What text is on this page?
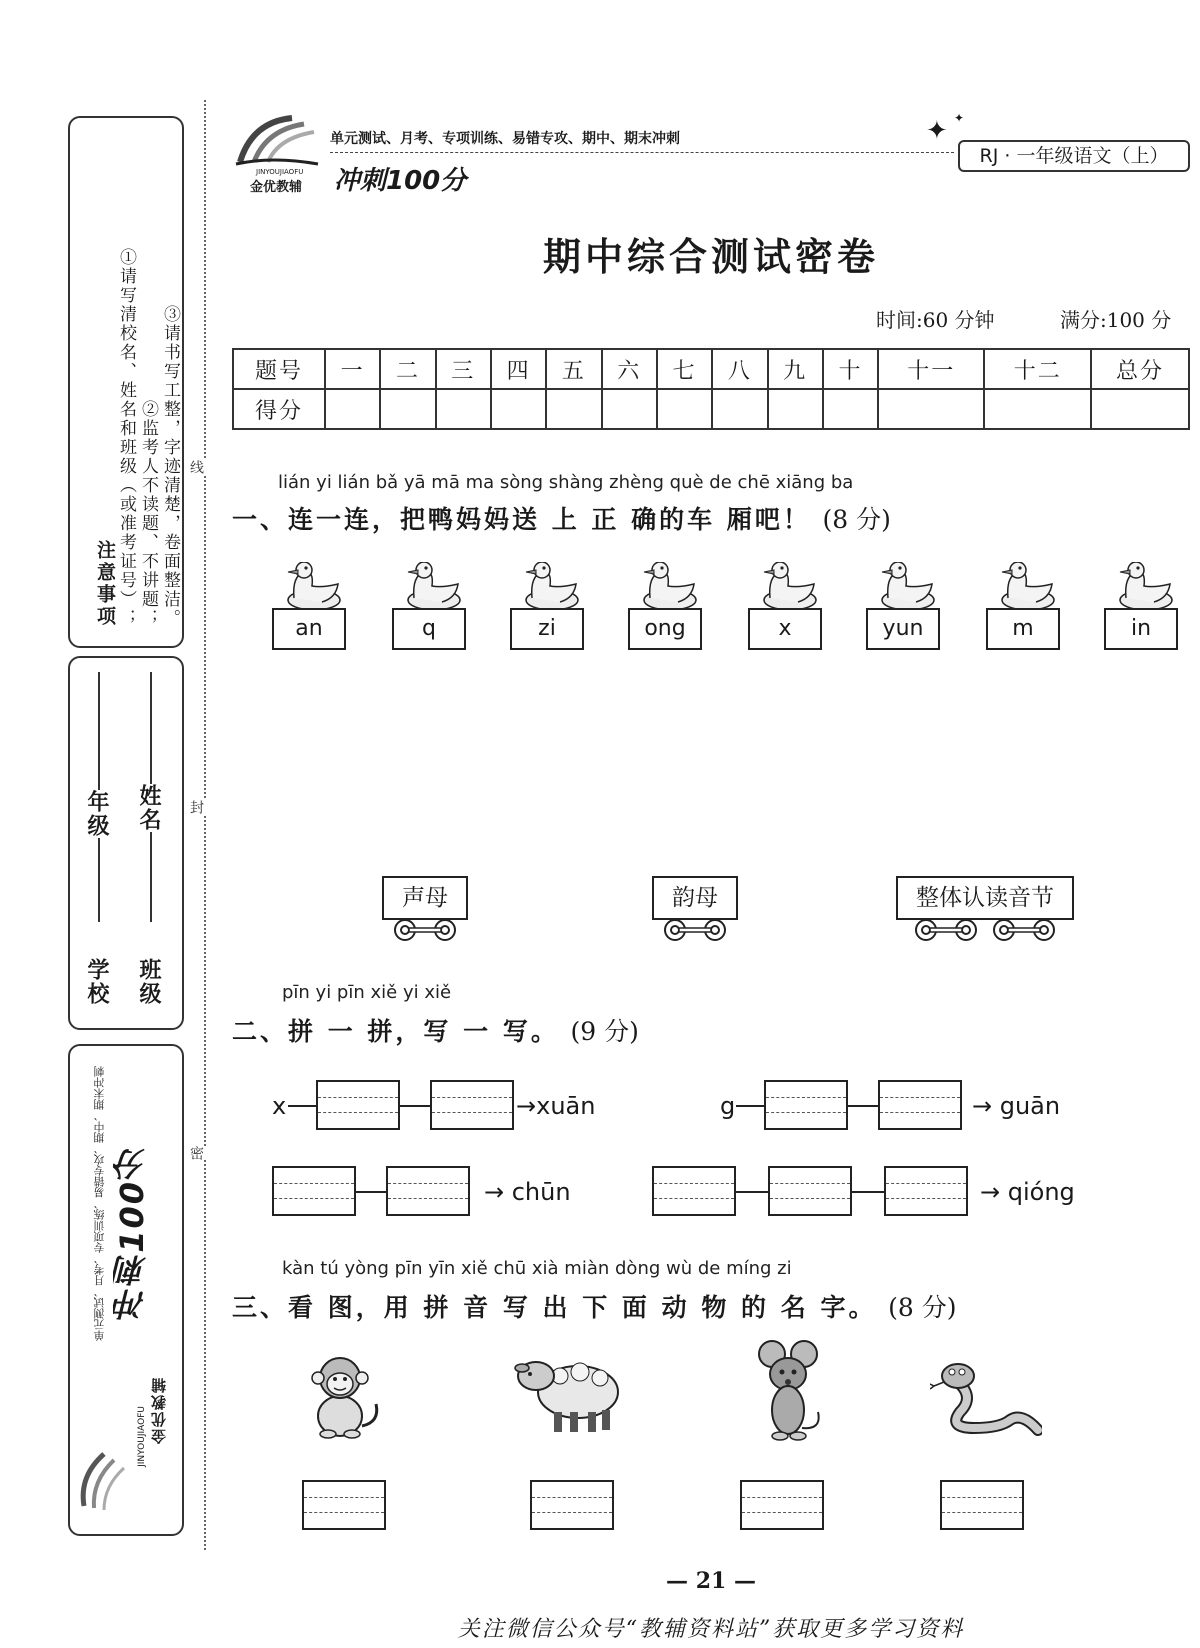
注意事项 ①请写清校名、姓名和班级（或准考证号）； ②监考人不读题、不讲题； ③请书写工整，字迹清楚，卷面整洁。
学校
年级
班级
姓名
单元测试、月考、专项训练、易错专攻、期中、期末冲刺 冲刺100分
金优教辅
JINYOUJIAOFU
线
封
密
JINYOUJIAOFU
金优教辅
单元测试、月考、专项训练、易错专攻、期中、期末冲刺
冲刺100分
✦ ✦
RJ · 一年级语文（上）
期中综合测试密卷
时间:60 分钟	满分:100 分
题号	一	二	三	四	五	六	七	八	九	十	十一	十二	总分
得分													
lián yi lián bǎ yā mā ma sòng shàng zhèng què de chē xiāng ba
一、连一连，把鸭妈妈送 上 正 确的车 厢吧！ (8 分)
an	q	zi	ong	x	yun	m	in
声母	韵母	整体认读音节
pīn yi pīn xiě yi xiě
二、拼 一 拼，写 一 写。 (9 分)
x	→xuān	g	→ guān
→ chūn	→ qióng
kàn tú yòng pīn yīn xiě chū xià miàn dòng wù de míng zi
三、看 图，用 拼 音 写 出 下 面 动 物 的 名 字。 (8 分)
— 21 —
关注微信公众号“教辅资料站”获取更多学习资料
